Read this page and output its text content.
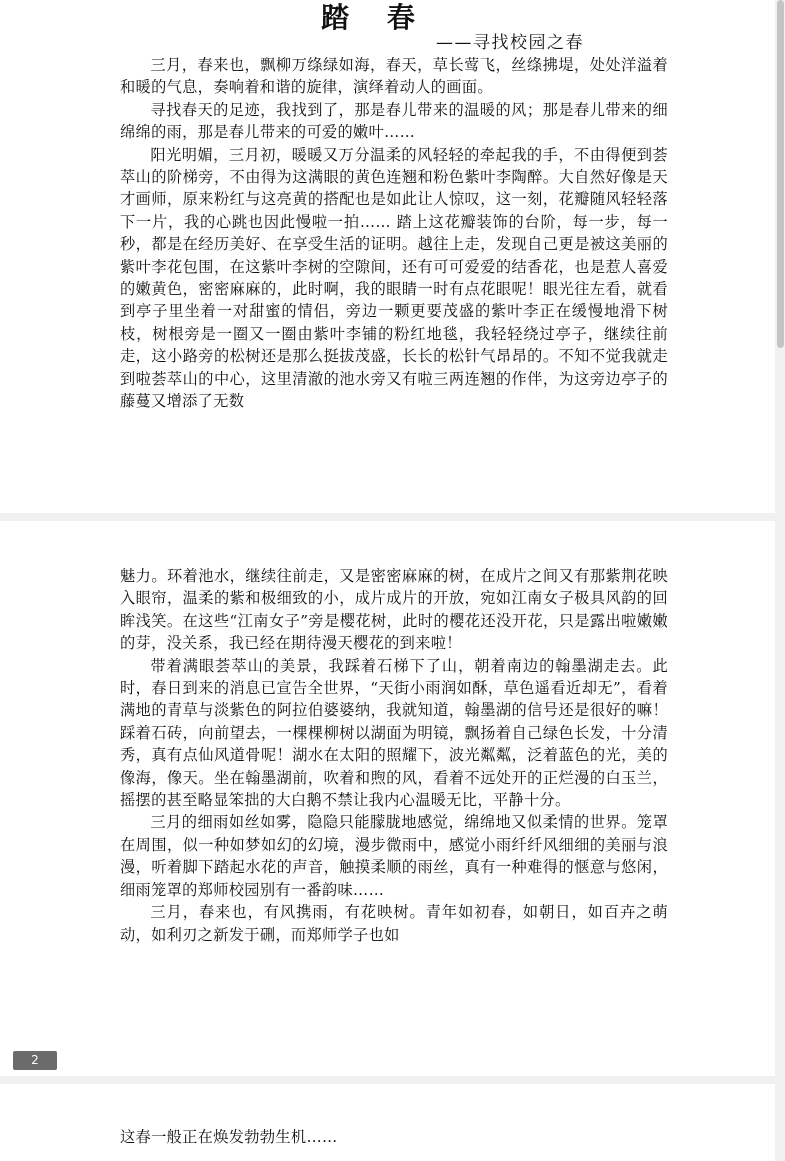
踏 春
——寻找校园之春

三月，春来也，飘柳万绦绿如海，春天，草长莺飞，丝绦拂堤，处处洋溢着和暖的气息，奏响着和谐的旋律，演绎着动人的画面。

寻找春天的足迹，我找到了，那是春儿带来的温暖的风；那是春儿带来的细绵绵的雨，那是春儿带来的可爱的嫩叶……

阳光明媚，三月初，暖暖又万分温柔的风轻轻的牵起我的手，不由得便到荟萃山的阶梯旁，不由得为这满眼的黄色连翘和粉色紫叶李陶醉。大自然好像是天才画师，原来粉红与这亮黄的搭配也是如此让人惊叹，这一刻，花瓣随风轻轻落下一片，我的心跳也因此慢啦一拍…… 踏上这花瓣装饰的台阶，每一步，每一秒，都是在经历美好、在享受生活的证明。越往上走，发现自己更是被这美丽的紫叶李花包围，在这紫叶李树的空隙间，还有可可爱爱的结香花，也是惹人喜爱的嫩黄色，密密麻麻的，此时啊，我的眼睛一时有点花眼呢！眼光往左看，就看到亭子里坐着一对甜蜜的情侣，旁边一颗更要茂盛的紫叶李正在缓慢地滑下树枝，树根旁是一圈又一圈由紫叶李铺的粉红地毯，我轻轻绕过亭子，继续往前走，这小路旁的松树还是那么挺拔茂盛，长长的松针气昂昂的。不知不觉我就走到啦荟萃山的中心，这里清澈的池水旁又有啦三两连翘的作伴，为这旁边亭子的藤蔓又增添了无数

魅力。环着池水，继续往前走，又是密密麻麻的树，在成片之间又有那紫荆花映入眼帘，温柔的紫和极细致的小，成片成片的开放，宛如江南女子极具风韵的回眸浅笑。在这些“江南女子”旁是樱花树，此时的樱花还没开花，只是露出啦嫩嫩的芽，没关系，我已经在期待漫天樱花的到来啦！

带着满眼荟萃山的美景，我踩着石梯下了山，朝着南边的翰墨湖走去。此时，春日到来的消息已宣告全世界，“天街小雨润如酥，草色遥看近却无”，看着满地的青草与淡紫色的阿拉伯婆婆纳，我就知道，翰墨湖的信号还是很好的嘛！踩着石砖，向前望去，一棵棵柳树以湖面为明镜，飘扬着自己绿色长发，十分清秀，真有点仙风道骨呢！湖水在太阳的照耀下，波光粼粼，泛着蓝色的光，美的像海，像天。坐在翰墨湖前，吹着和煦的风，看着不远处开的正烂漫的白玉兰，摇摆的甚至略显笨拙的大白鹅不禁让我内心温暖无比，平静十分。

三月的细雨如丝如雾，隐隐只能朦胧地感觉，绵绵地又似柔情的世界。笼罩在周围，似一种如梦如幻的幻境，漫步微雨中，感觉小雨纤纤风细细的美丽与浪漫，听着脚下踏起水花的声音，触摸柔顺的雨丝，真有一种难得的惬意与悠闲，细雨笼罩的郑师校园别有一番韵味……

三月，春来也，有风携雨，有花映树。青年如初春，如朝日，如百卉之萌动，如利刃之新发于硎，而郑师学子也如

2

这春一般正在焕发勃勃生机……
